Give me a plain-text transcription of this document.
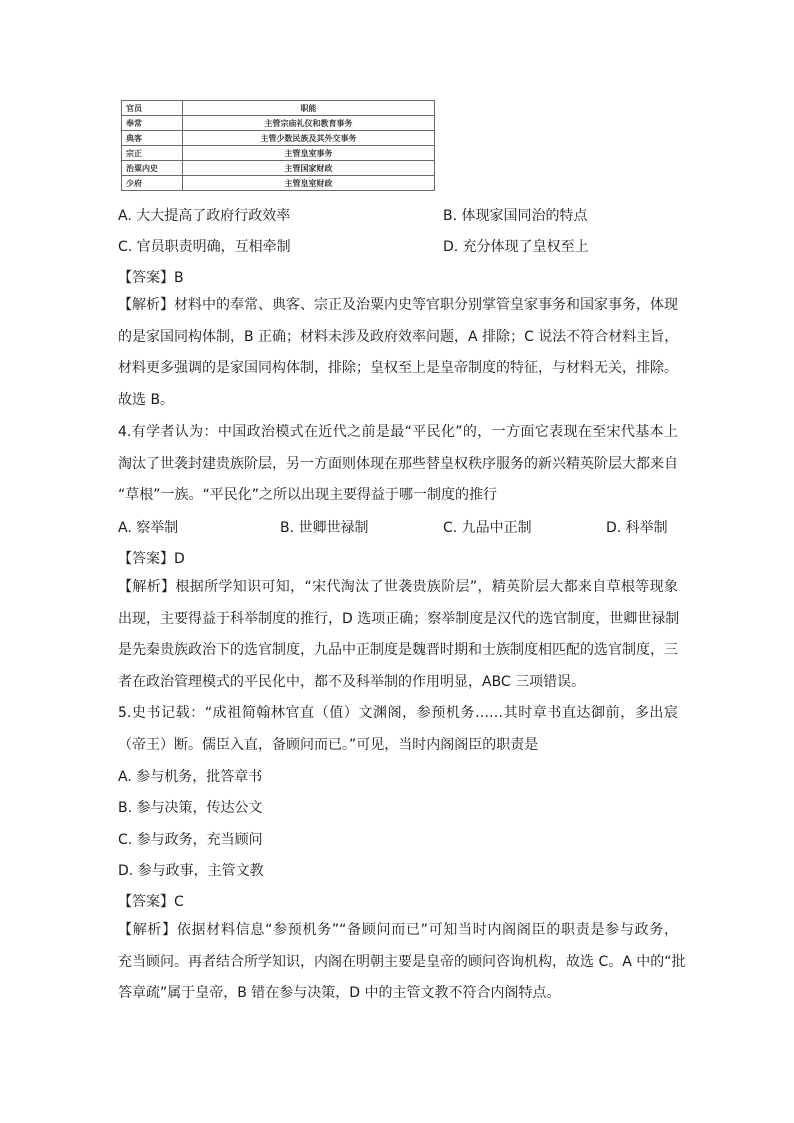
官员	职能
奉常	主管宗庙礼仪和教育事务
典客	主管少数民族及其外交事务
宗正	主管皇室事务
治粟内史	主管国家财政
少府	主管皇室财政
A. 大大提高了政府行政效率	B. 体现家国同治的特点
C. 官员职责明确，互相牵制	D. 充分体现了皇权至上
【答案】B
【解析】材料中的奉常、典客、宗正及治粟内史等官职分别掌管皇家事务和国家事务，体现
的是家国同构体制，B 正确；材料未涉及政府效率问题，A 排除；C 说法不符合材料主旨，
材料更多强调的是家国同构体制，排除；皇权至上是皇帝制度的特征，与材料无关，排除。
故选 B。
4.有学者认为：中国政治模式在近代之前是最“平民化”的，一方面它表现在至宋代基本上
淘汰了世袭封建贵族阶层，另一方面则体现在那些替皇权秩序服务的新兴精英阶层大都来自
“草根”一族。“平民化”之所以出现主要得益于哪一制度的推行
A. 察举制	B. 世卿世禄制	C. 九品中正制	D. 科举制
【答案】D
【解析】根据所学知识可知，“宋代淘汰了世袭贵族阶层”，精英阶层大都来自草根等现象
出现，主要得益于科举制度的推行，D 选项正确；察举制度是汉代的选官制度，世卿世禄制
是先秦贵族政治下的选官制度，九品中正制度是魏晋时期和士族制度相匹配的选官制度，三
者在政治管理模式的平民化中，都不及科举制的作用明显，ABC 三项错误。
5.史书记载：“成祖简翰林官直（值）文渊阁，参预机务……其时章书直达御前，多出宸
（帝王）断。儒臣入直，备顾问而已。”可见，当时内阁阁臣的职责是
A. 参与机务，批答章书
B. 参与决策，传达公文
C. 参与政务，充当顾问
D. 参与政事，主管文教
【答案】C
【解析】依据材料信息“参预机务”“备顾问而已”可知当时内阁阁臣的职责是参与政务，
充当顾问。再者结合所学知识，内阁在明朝主要是皇帝的顾问咨询机构，故选 C。A 中的“批
答章疏”属于皇帝，B 错在参与决策，D 中的主管文教不符合内阁特点。
